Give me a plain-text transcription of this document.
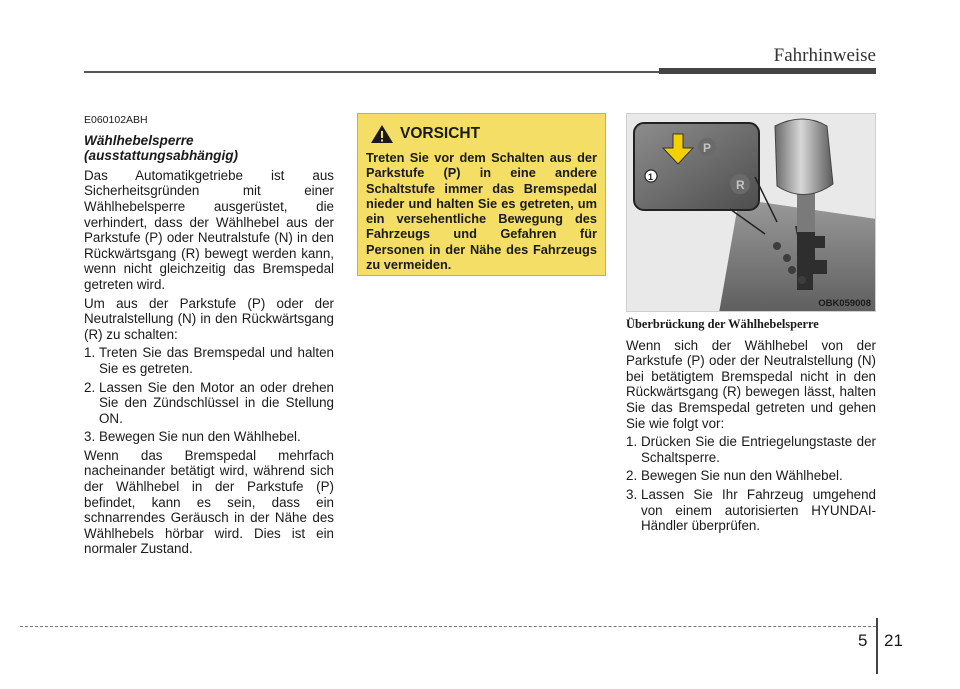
Fahrhinweise
E060102ABH
Wählhebelsperre
(ausstattungsabhängig)

Das Automatikgetriebe ist aus Sicherheitsgründen mit einer Wählhebelsperre ausgerüstet, die verhindert, dass der Wählhebel aus der Parkstufe (P) oder Neutralstufe (N) in den Rückwärtsgang (R) bewegt werden kann, wenn nicht gleichzeitig das Bremspedal getreten wird.

Um aus der Parkstufe (P) oder der Neutralstellung (N) in den Rückwärtsgang (R) zu schalten:

1. Treten Sie das Bremspedal und halten Sie es getreten.
2. Lassen Sie den Motor an oder drehen Sie den Zündschlüssel in die Stellung ON.
3. Bewegen Sie nun den Wählhebel.

Wenn das Bremspedal mehrfach nacheinander betätigt wird, während sich der Wählhebel in der Parkstufe (P) befindet, kann es sein, dass ein schnarrendes Geräusch in der Nähe des Wählhebels hörbar wird. Dies ist ein normaler Zustand.

VORSICHT
Treten Sie vor dem Schalten aus der Parkstufe (P) in eine andere Schaltstufe immer das Bremspedal nieder und halten Sie es getreten, um ein versehentliche Bewegung des Fahrzeugs und Gefahren für Personen in der Nähe des Fahrzeugs zu vermeiden.
P
R
1
OBK059008
Überbrückung der Wählhebelsperre

Wenn sich der Wählhebel von der Parkstufe (P) oder der Neutralstellung (N) bei betätigtem Bremspedal nicht in den Rückwärtsgang (R) bewegen lässt, halten Sie das Bremspedal getreten und gehen Sie wie folgt vor:

1. Drücken Sie die Entriegelungstaste der Schaltsperre.
2. Bewegen Sie nun den Wählhebel.
3. Lassen Sie Ihr Fahrzeug umgehend von einem autorisierten HYUNDAI-Händler überprüfen.
5 21
